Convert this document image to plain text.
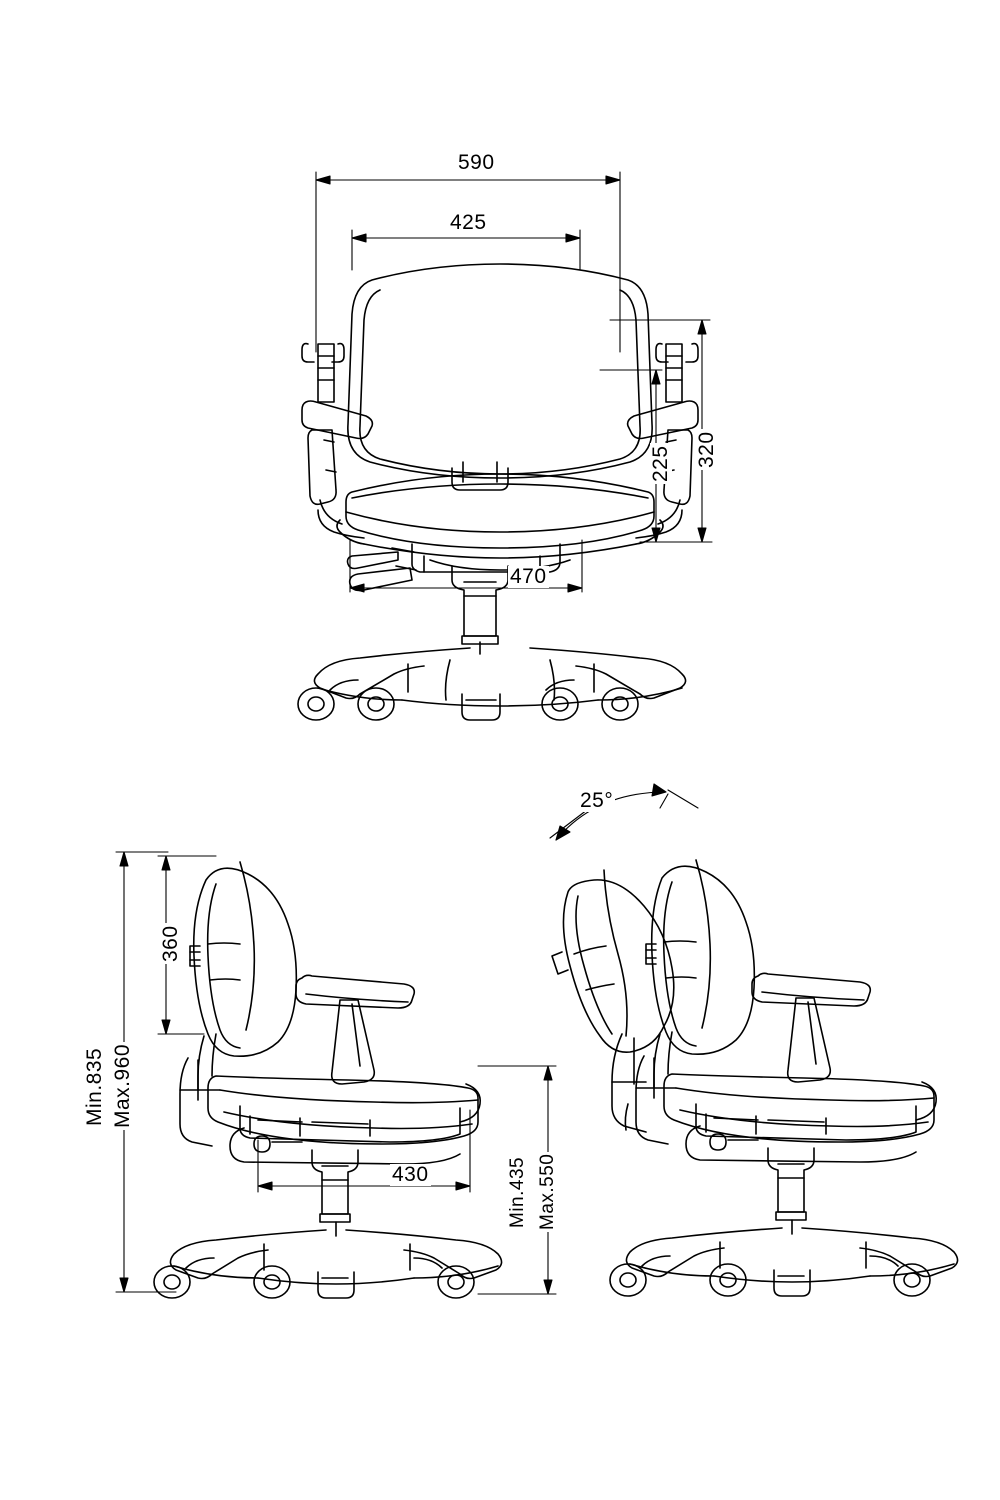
590
425
470
320
225
360
Min.835 Max.960
430	Min.435 Max.550
25°
